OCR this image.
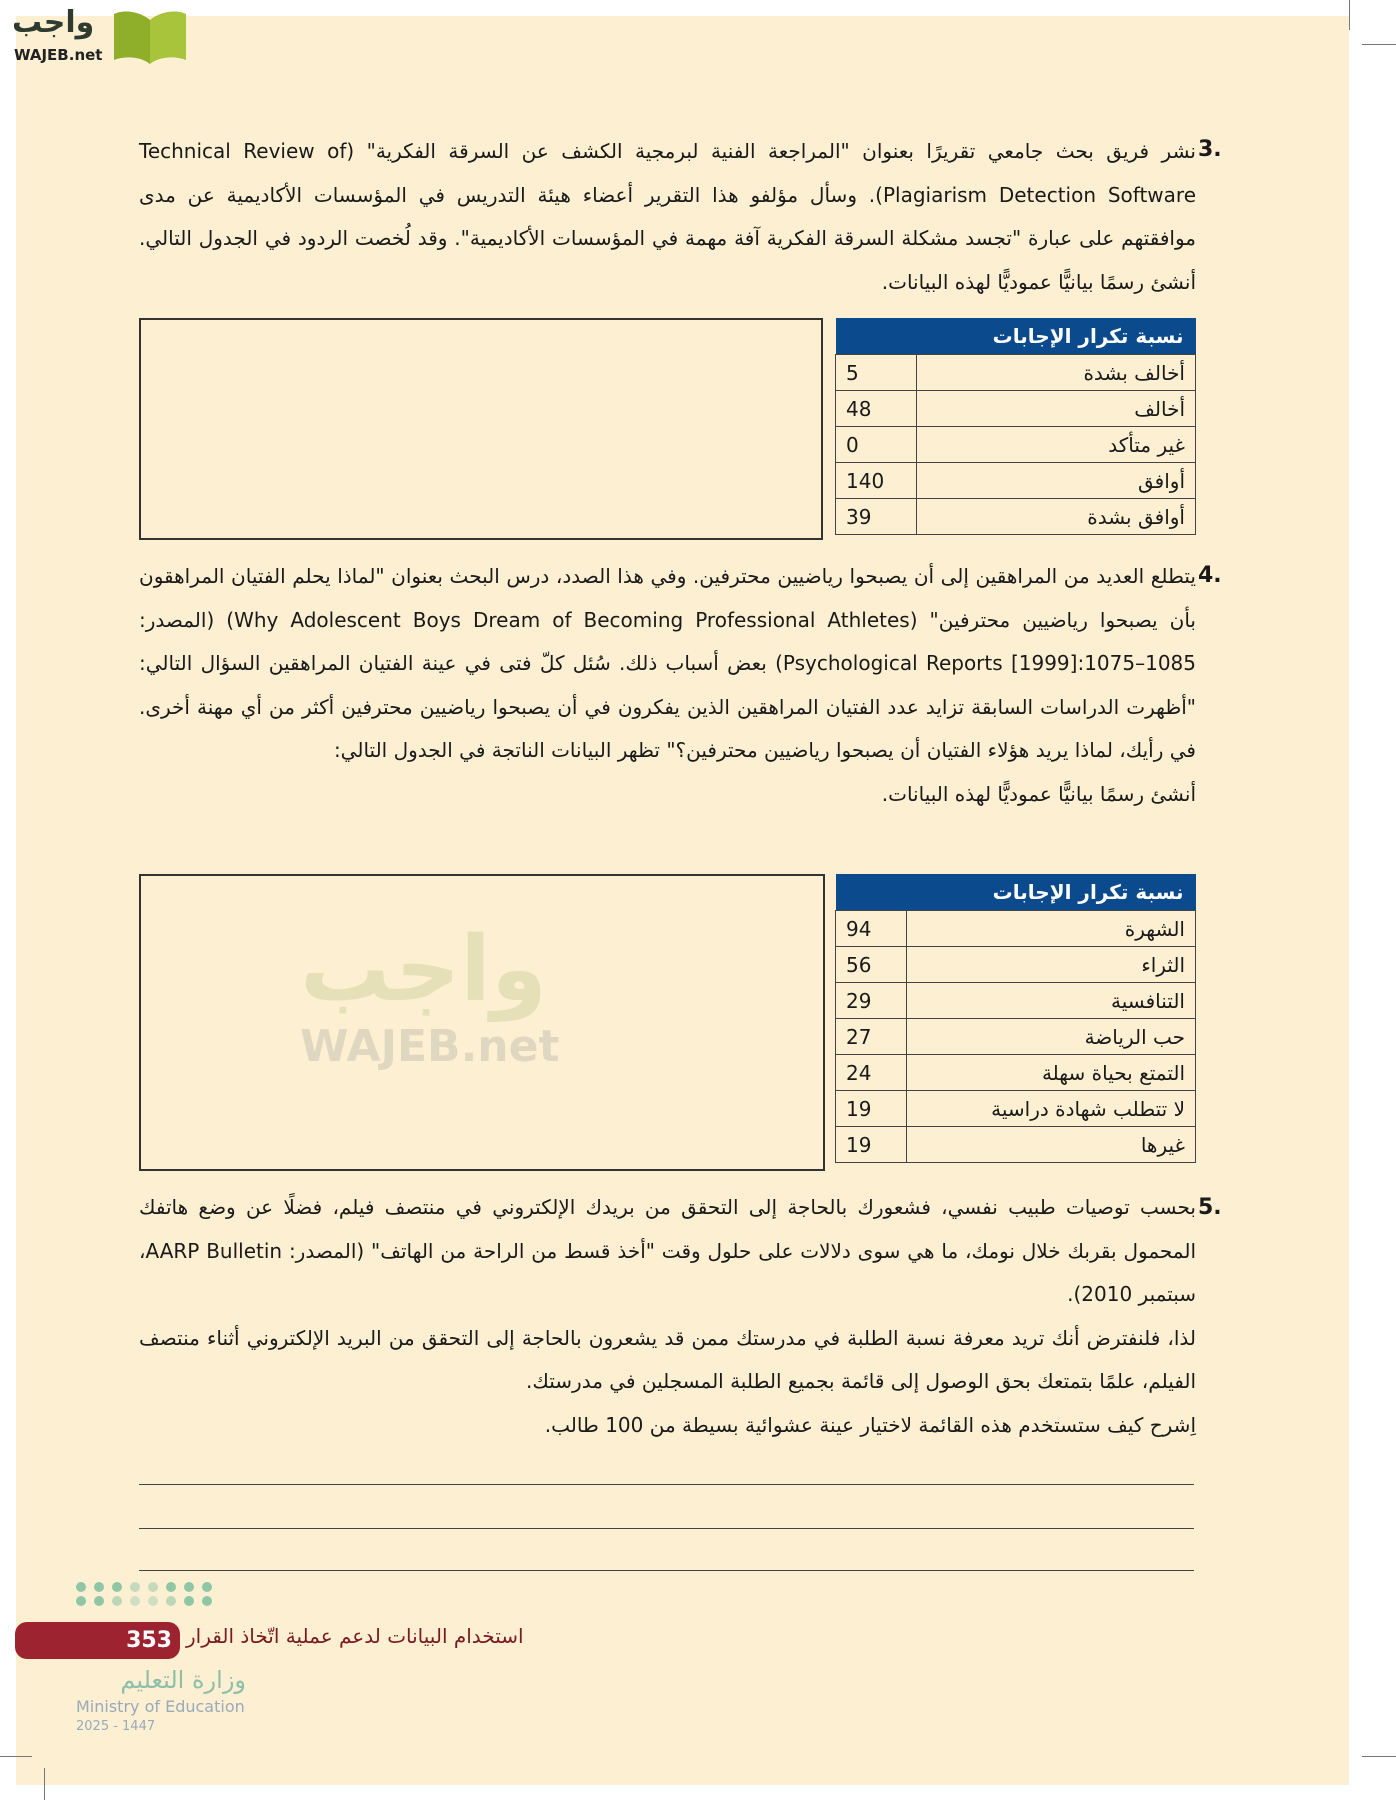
واجب
WAJEB.net
3.

نشر فريق بحث جامعي تقريرًا بعنوان "المراجعة الفنية لبرمجية الكشف عن السرقة الفكرية" (Technical Review of Plagiarism Detection Software). وسأل مؤلفو هذا التقرير أعضاء هيئة التدريس في المؤسسات الأكاديمية عن مدى موافقتهم على عبارة "تجسد مشكلة السرقة الفكرية آفة مهمة في المؤسسات الأكاديمية". وقد لُخصت الردود في الجدول التالي. أنشئ رسمًا بيانيًّا عموديًّا لهذه البيانات.

نسبة تكرار الإجابات	
أخالف بشدة	5
أخالف	48
غير متأكد	0
أوافق	140
أوافق بشدة	39
4.

يتطلع العديد من المراهقين إلى أن يصبحوا رياضيين محترفين. وفي هذا الصدد، درس البحث بعنوان "لماذا يحلم الفتيان المراهقون بأن يصبحوا رياضيين محترفين" (Why Adolescent Boys Dream of Becoming Professional Athletes) (المصدر: Psychological Reports [1999]:1075–1085) بعض أسباب ذلك. سُئل كلّ فتى في عينة الفتيان المراهقين السؤال التالي: "أظهرت الدراسات السابقة تزايد عدد الفتيان المراهقين الذين يفكرون في أن يصبحوا رياضيين محترفين أكثر من أي مهنة أخرى. في رأيك، لماذا يريد هؤلاء الفتيان أن يصبحوا رياضيين محترفين؟" تظهر البيانات الناتجة في الجدول التالي:

أنشئ رسمًا بيانيًّا عموديًّا لهذه البيانات.

واجب
WAJEB.net
نسبة تكرار الإجابات	
الشهرة	94
الثراء	56
التنافسية	29
حب الرياضة	27
التمتع بحياة سهلة	24
لا تتطلب شهادة دراسية	19
غيرها	19
5.

بحسب توصيات طبيب نفسي، فشعورك بالحاجة إلى التحقق من بريدك الإلكتروني في منتصف فيلم، فضلًا عن وضع هاتفك المحمول بقربك خلال نومك، ما هي سوى دلالات على حلول وقت "أخذ قسط من الراحة من الهاتف" (المصدر: AARP Bulletin، سبتمبر 2010).

لذا، فلنفترض أنك تريد معرفة نسبة الطلبة في مدرستك ممن قد يشعرون بالحاجة إلى التحقق من البريد الإلكتروني أثناء منتصف الفيلم، علمًا بتمتعك بحق الوصول إلى قائمة بجميع الطلبة المسجلين في مدرستك.

اِشرح كيف ستستخدم هذه القائمة لاختيار عينة عشوائية بسيطة من 100 طالب.

353 استخدام البيانات لدعم عملية اتّخاذ القرار
وزارة التعليم
Ministry of Education
2025 - 1447
